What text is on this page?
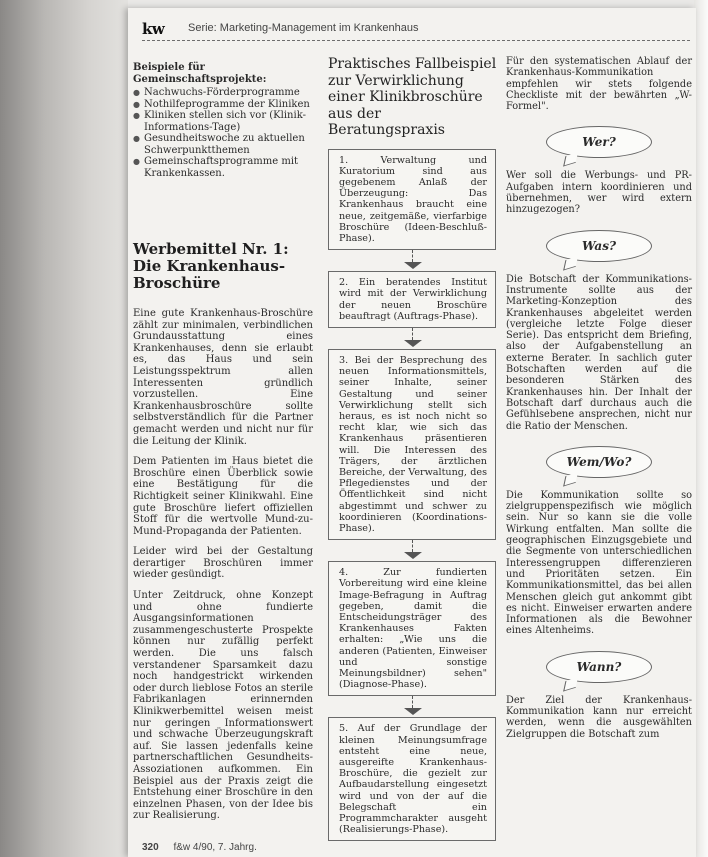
kw Serie: Marketing-Management im Krankenhaus

Beispiele für Gemeinschaftsprojekte:

● Nachwuchs-Förderprogramme
● Nothilfeprogramme der Kliniken
● Kliniken stellen sich vor (Klinik-Informations-Tage)
● Gesundheitswoche zu aktuellen Schwerpunktthemen
● Gemeinschaftsprogramme mit Krankenkassen.
Werbemittel Nr. 1: Die Krankenhaus-Broschüre

Eine gute Krankenhaus-Broschüre zählt zur minimalen, verbindlichen Grundausstattung eines Krankenhauses, denn sie erlaubt es, das Haus und sein Leistungsspektrum allen Interessenten gründlich vorzustellen. Eine Krankenhausbroschüre sollte selbstverständlich für die Partner gemacht werden und nicht nur für die Leitung der Klinik.

Dem Patienten im Haus bietet die Broschüre einen Überblick sowie eine Bestätigung für die Richtigkeit seiner Klinikwahl. Eine gute Broschüre liefert offiziellen Stoff für die wertvolle Mund-zu-Mund-Propaganda der Patienten.

Leider wird bei der Gestaltung derartiger Broschüren immer wieder gesündigt.

Unter Zeitdruck, ohne Konzept und ohne fundierte Ausgangsinformationen zusammengeschusterte Prospekte können nur zufällig perfekt werden. Die uns falsch verstandener Sparsamkeit dazu noch handgestrickt wirkenden oder durch lieblose Fotos an sterile Fabrikanlagen erinnernden Klinikwerbemittel weisen meist nur geringen Informationswert und schwache Überzeugungskraft auf. Sie lassen jedenfalls keine partnerschaftlichen Gesundheits-Assoziationen aufkommen. Ein Beispiel aus der Praxis zeigt die Entstehung einer Broschüre in den einzelnen Phasen, von der Idee bis zur Realisierung.

Praktisches Fallbeispiel zur Verwirklichung einer Klinikbroschüre aus der Beratungspraxis
1. Verwaltung und Kuratorium sind aus gegebenem Anlaß der Überzeugung: Das Krankenhaus braucht eine neue, zeitgemäße, vierfarbige Broschüre (Ideen-Beschluß-Phase).
2. Ein beratendes Institut wird mit der Verwirklichung der neuen Broschüre beauftragt (Auftrags-Phase).
3. Bei der Besprechung des neuen Informationsmittels, seiner Inhalte, seiner Gestaltung und seiner Verwirklichung stellt sich heraus, es ist noch nicht so recht klar, wie sich das Krankenhaus präsentieren will. Die Interessen des Trägers, der ärztlichen Bereiche, der Verwaltung, des Pflegedienstes und der Öffentlichkeit sind nicht abgestimmt und schwer zu koordinieren (Koordinations-Phase).
4. Zur fundierten Vorbereitung wird eine kleine Image-Befragung in Auftrag gegeben, damit die Entscheidungsträger des Krankenhauses Fakten erhalten: „Wie uns die anderen (Patienten, Einweiser und sonstige Meinungsbildner) sehen" (Diagnose-Phase).
5. Auf der Grundlage der kleinen Meinungsumfrage entsteht eine neue, ausgereifte Krankenhaus-Broschüre, die gezielt zur Aufbaudarstellung eingesetzt wird und von der auf die Belegschaft ein Programmcharakter ausgeht (Realisierungs-Phase).

Für den systematischen Ablauf der Krankenhaus-Kommunikation empfehlen wir stets folgende Checkliste mit der bewährten „W-Formel".

Wer?

Wer soll die Werbungs- und PR-Aufgaben intern koordinieren und übernehmen, wer wird extern hinzugezogen?

Was?

Die Botschaft der Kommunikations-Instrumente sollte aus der Marketing-Konzeption des Krankenhauses abgeleitet werden (vergleiche letzte Folge dieser Serie). Das entspricht dem Briefing, also der Aufgabenstellung an externe Berater. In sachlich guter Botschaften werden auf die besonderen Stärken des Krankenhauses hin. Der Inhalt der Botschaft darf durchaus auch die Gefühlsebene ansprechen, nicht nur die Ratio der Menschen.

Wem/Wo?

Die Kommunikation sollte so zielgruppenspezifisch wie möglich sein. Nur so kann sie die volle Wirkung entfalten. Man sollte die geographischen Einzugsgebiete und die Segmente von unterschiedlichen Interessengruppen differenzieren und Prioritäten setzen. Ein Kommunikationsmittel, das bei allen Menschen gleich gut ankommt gibt es nicht. Einweiser erwarten andere Informationen als die Bewohner eines Altenheims.

Wann?

Der Ziel der Krankenhaus-Kommunikation kann nur erreicht werden, wenn die ausgewählten Zielgruppen die Botschaft zum

320 f&w 4/90, 7. Jahrg.
